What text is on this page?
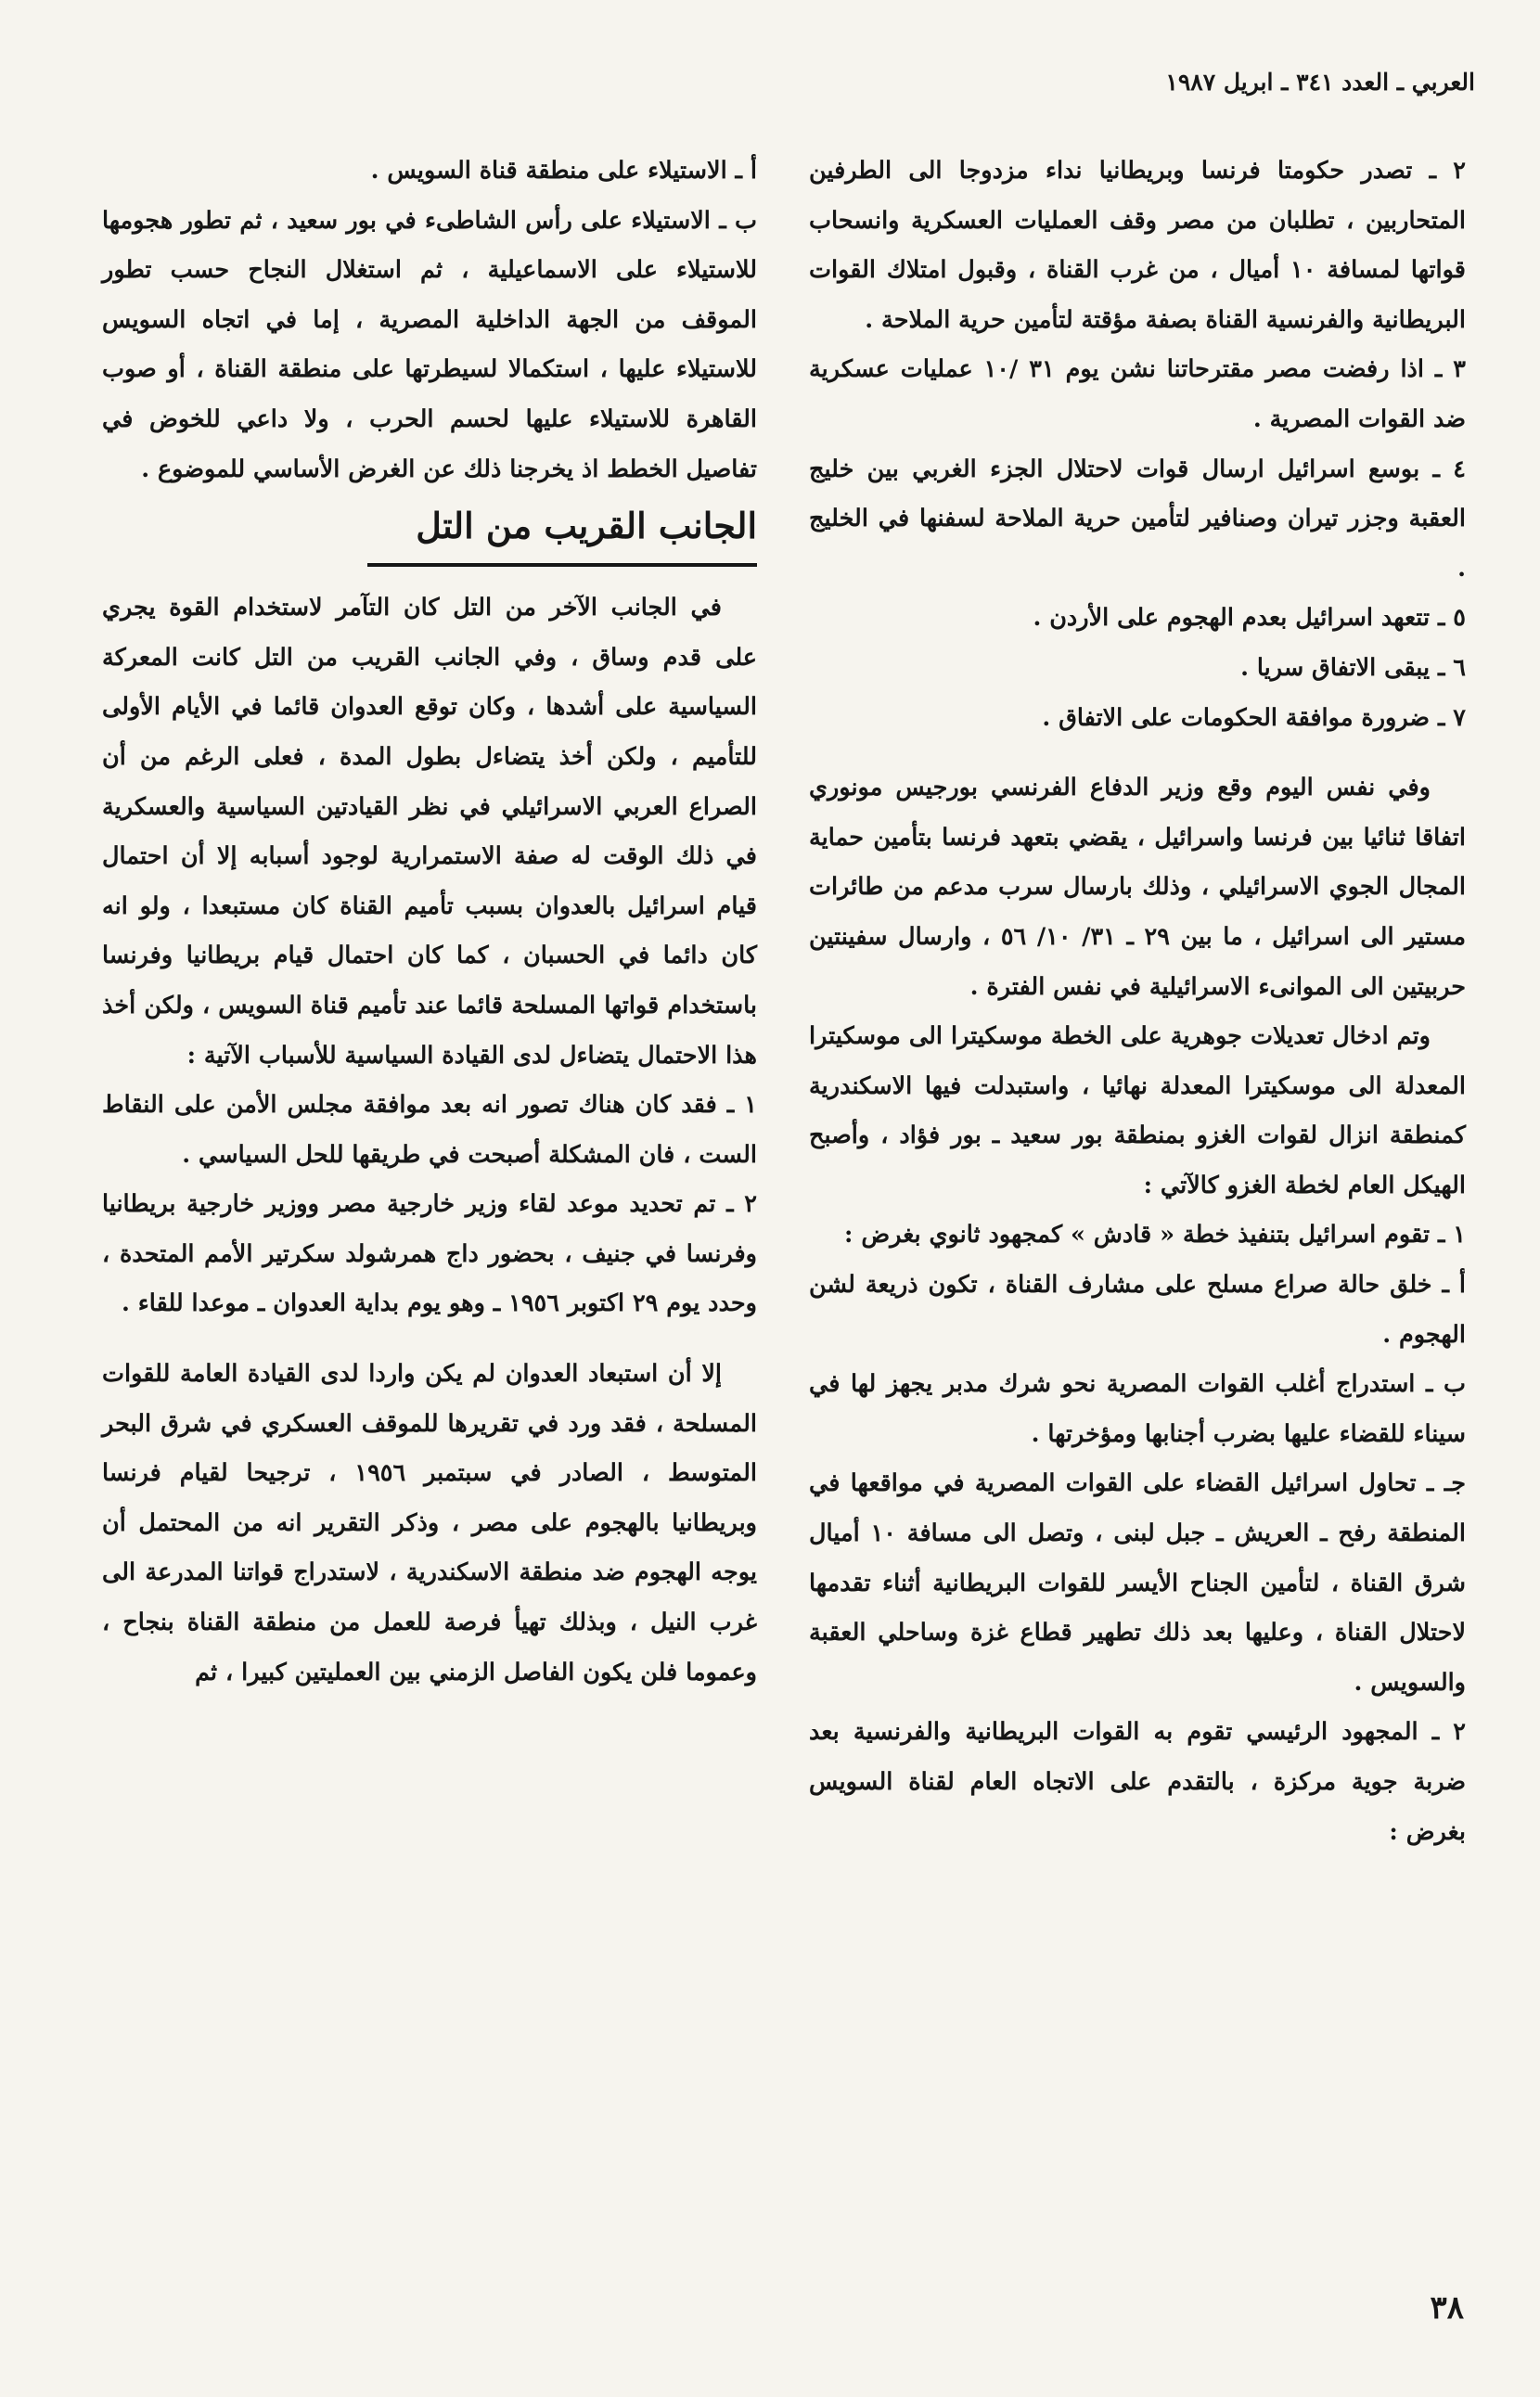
العربي ـ العدد ٣٤١ ـ ابريل ١٩٨٧

٢ ـ تصدر حكومتا فرنسا وبريطانيا نداء مزدوجا الى الطرفين المتحاربين ، تطلبان من مصر وقف العمليات العسكرية وانسحاب قواتها لمسافة ١٠ أميال ، من غرب القناة ، وقبول امتلاك القوات البريطانية والفرنسية القناة بصفة مؤقتة لتأمين حرية الملاحة .

٣ ـ اذا رفضت مصر مقترحاتنا نشن يوم ٣١ /١٠ عمليات عسكرية ضد القوات المصرية .

٤ ـ بوسع اسرائيل ارسال قوات لاحتلال الجزء الغربي بين خليج العقبة وجزر تيران وصنافير لتأمين حرية الملاحة لسفنها في الخليج .

٥ ـ تتعهد اسرائيل بعدم الهجوم على الأردن .

٦ ـ يبقى الاتفاق سريا .

٧ ـ ضرورة موافقة الحكومات على الاتفاق .

وفي نفس اليوم وقع وزير الدفاع الفرنسي بورجيس مونوري اتفاقا ثنائيا بين فرنسا واسرائيل ، يقضي بتعهد فرنسا بتأمين حماية المجال الجوي الاسرائيلي ، وذلك بارسال سرب مدعم من طائرات مستير الى اسرائيل ، ما بين ٢٩ ـ ٣١/ ١٠/ ٥٦ ، وارسال سفينتين حربيتين الى الموانىء الاسرائيلية في نفس الفترة .

وتم ادخال تعديلات جوهرية على الخطة موسكيترا الى موسكيترا المعدلة الى موسكيترا المعدلة نهائيا ، واستبدلت فيها الاسكندرية كمنطقة انزال لقوات الغزو بمنطقة بور سعيد ـ بور فؤاد ، وأصبح الهيكل العام لخطة الغزو كالآتي :

١ ـ تقوم اسرائيل بتنفيذ خطة « قادش » كمجهود ثانوي بغرض :

أ ـ خلق حالة صراع مسلح على مشارف القناة ، تكون ذريعة لشن الهجوم .

ب ـ استدراج أغلب القوات المصرية نحو شرك مدبر يجهز لها في سيناء للقضاء عليها بضرب أجنابها ومؤخرتها .

جـ ـ تحاول اسرائيل القضاء على القوات المصرية في مواقعها في المنطقة رفح ـ العريش ـ جبل لبنى ، وتصل الى مسافة ١٠ أميال شرق القناة ، لتأمين الجناح الأيسر للقوات البريطانية أثناء تقدمها لاحتلال القناة ، وعليها بعد ذلك تطهير قطاع غزة وساحلي العقبة والسويس .

٢ ـ المجهود الرئيسي تقوم به القوات البريطانية والفرنسية بعد ضربة جوية مركزة ، بالتقدم على الاتجاه العام لقناة السويس بغرض :

أ ـ الاستيلاء على منطقة قناة السويس .

ب ـ الاستيلاء على رأس الشاطىء في بور سعيد ، ثم تطور هجومها للاستيلاء على الاسماعيلية ، ثم استغلال النجاح حسب تطور الموقف من الجهة الداخلية المصرية ، إما في اتجاه السويس للاستيلاء عليها ، استكمالا لسيطرتها على منطقة القناة ، أو صوب القاهرة للاستيلاء عليها لحسم الحرب ، ولا داعي للخوض في تفاصيل الخطط اذ يخرجنا ذلك عن الغرض الأساسي للموضوع .

الجانب القريب من التل

في الجانب الآخر من التل كان التآمر لاستخدام القوة يجري على قدم وساق ، وفي الجانب القريب من التل كانت المعركة السياسية على أشدها ، وكان توقع العدوان قائما في الأيام الأولى للتأميم ، ولكن أخذ يتضاءل بطول المدة ، فعلى الرغم من أن الصراع العربي الاسرائيلي في نظر القيادتين السياسية والعسكرية في ذلك الوقت له صفة الاستمرارية لوجود أسبابه إلا أن احتمال قيام اسرائيل بالعدوان بسبب تأميم القناة كان مستبعدا ، ولو انه كان دائما في الحسبان ، كما كان احتمال قيام بريطانيا وفرنسا باستخدام قواتها المسلحة قائما عند تأميم قناة السويس ، ولكن أخذ هذا الاحتمال يتضاءل لدى القيادة السياسية للأسباب الآتية :

١ ـ فقد كان هناك تصور انه بعد موافقة مجلس الأمن على النقاط الست ، فان المشكلة أصبحت في طريقها للحل السياسي .

٢ ـ تم تحديد موعد لقاء وزير خارجية مصر ووزير خارجية بريطانيا وفرنسا في جنيف ، بحضور داج همرشولد سكرتير الأمم المتحدة ، وحدد يوم ٢٩ اكتوبر ١٩٥٦ ـ وهو يوم بداية العدوان ـ موعدا للقاء .

إلا أن استبعاد العدوان لم يكن واردا لدى القيادة العامة للقوات المسلحة ، فقد ورد في تقريرها للموقف العسكري في شرق البحر المتوسط ، الصادر في سبتمبر ١٩٥٦ ، ترجيحا لقيام فرنسا وبريطانيا بالهجوم على مصر ، وذكر التقرير انه من المحتمل أن يوجه الهجوم ضد منطقة الاسكندرية ، لاستدراج قواتنا المدرعة الى غرب النيل ، وبذلك تهيأ فرصة للعمل من منطقة القناة بنجاح ، وعموما فلن يكون الفاصل الزمني بين العمليتين كبيرا ، ثم

٣٨
